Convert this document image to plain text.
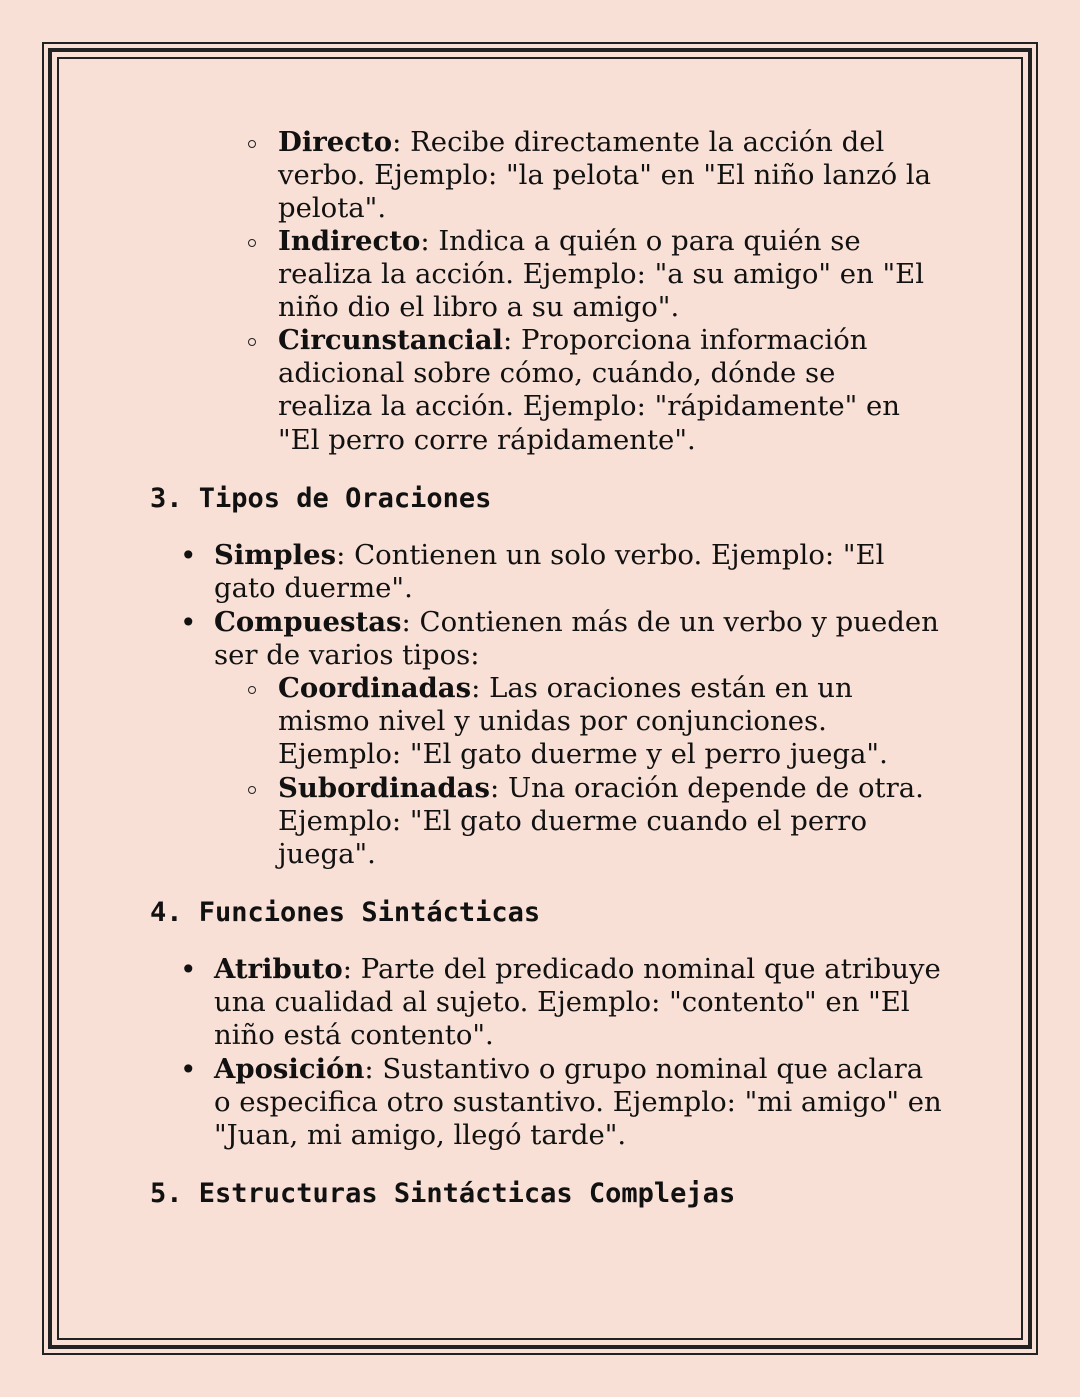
Directo: Recibe directamente la acción del verbo. Ejemplo: "la pelota" en "El niño lanzó la pelota".
Indirecto: Indica a quién o para quién se realiza la acción. Ejemplo: "a su amigo" en "El niño dio el libro a su amigo".
Circunstancial: Proporciona información adicional sobre cómo, cuándo, dónde se realiza la acción. Ejemplo: "rápidamente" en "El perro corre rápidamente".
3. Tipos de Oraciones
• Simples: Contienen un solo verbo. Ejemplo: "El gato duerme".
• Compuestas: Contienen más de un verbo y pueden ser de varios tipos:
Coordinadas: Las oraciones están en un mismo nivel y unidas por conjunciones. Ejemplo: "El gato duerme y el perro juega".
Subordinadas: Una oración depende de otra. Ejemplo: "El gato duerme cuando el perro juega".
4. Funciones Sintácticas
• Atributo: Parte del predicado nominal que atribuye una cualidad al sujeto. Ejemplo: "contento" en "El niño está contento".
• Aposición: Sustantivo o grupo nominal que aclara o especifica otro sustantivo. Ejemplo: "mi amigo" en "Juan, mi amigo, llegó tarde".
5. Estructuras Sintácticas Complejas
